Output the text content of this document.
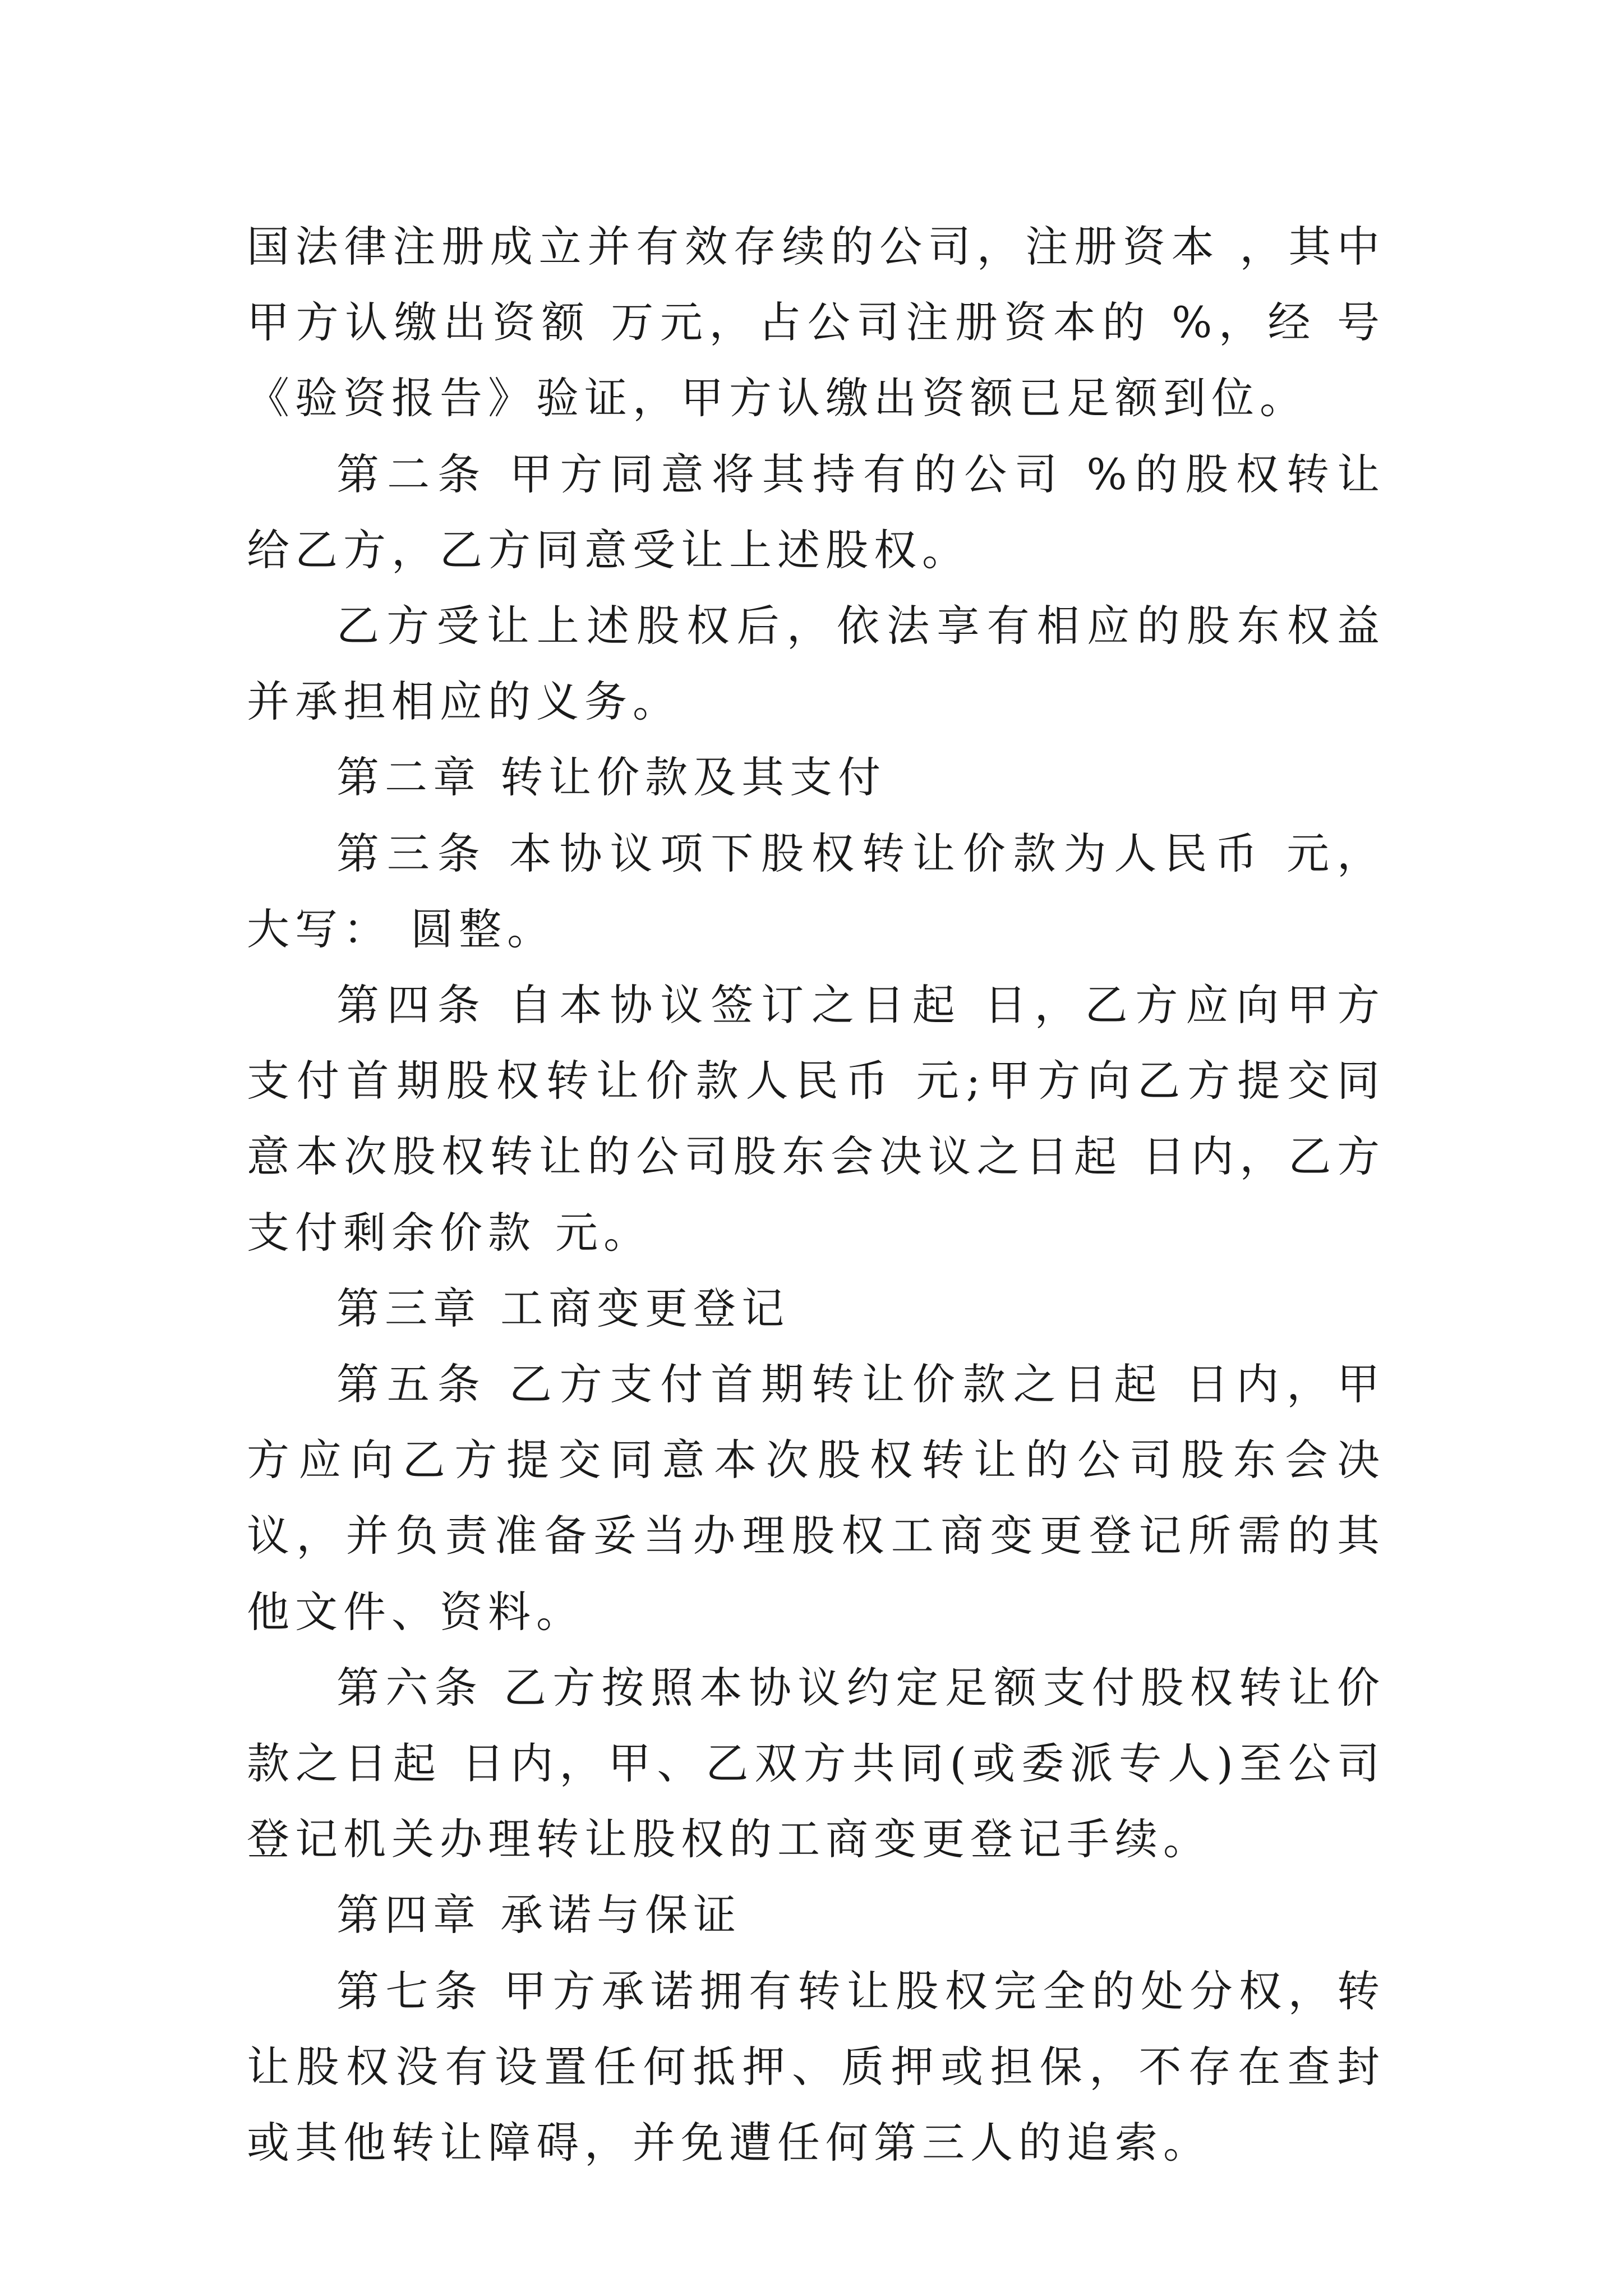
国法律注册成立并有效存续的公司，注册资本 ，其中甲方认缴出资额 万元，占公司注册资本的 %，经 号《验资报告》验证，甲方认缴出资额已足额到位。

第二条 甲方同意将其持有的公司 %的股权转让给乙方，乙方同意受让上述股权。

乙方受让上述股权后，依法享有相应的股东权益并承担相应的义务。

第二章 转让价款及其支付

第三条 本协议项下股权转让价款为人民币 元，大写： 圆整。

第四条 自本协议签订之日起 日，乙方应向甲方支付首期股权转让价款人民币 元;甲方向乙方提交同意本次股权转让的公司股东会决议之日起 日内，乙方支付剩余价款 元。

第三章 工商变更登记

第五条 乙方支付首期转让价款之日起 日内，甲方应向乙方提交同意本次股权转让的公司股东会决议，并负责准备妥当办理股权工商变更登记所需的其他文件、资料。

第六条 乙方按照本协议约定足额支付股权转让价款之日起 日内，甲、乙双方共同(或委派专人)至公司登记机关办理转让股权的工商变更登记手续。

第四章 承诺与保证

第七条 甲方承诺拥有转让股权完全的处分权，转让股权没有设置任何抵押、质押或担保，不存在查封或其他转让障碍，并免遭任何第三人的追索。
